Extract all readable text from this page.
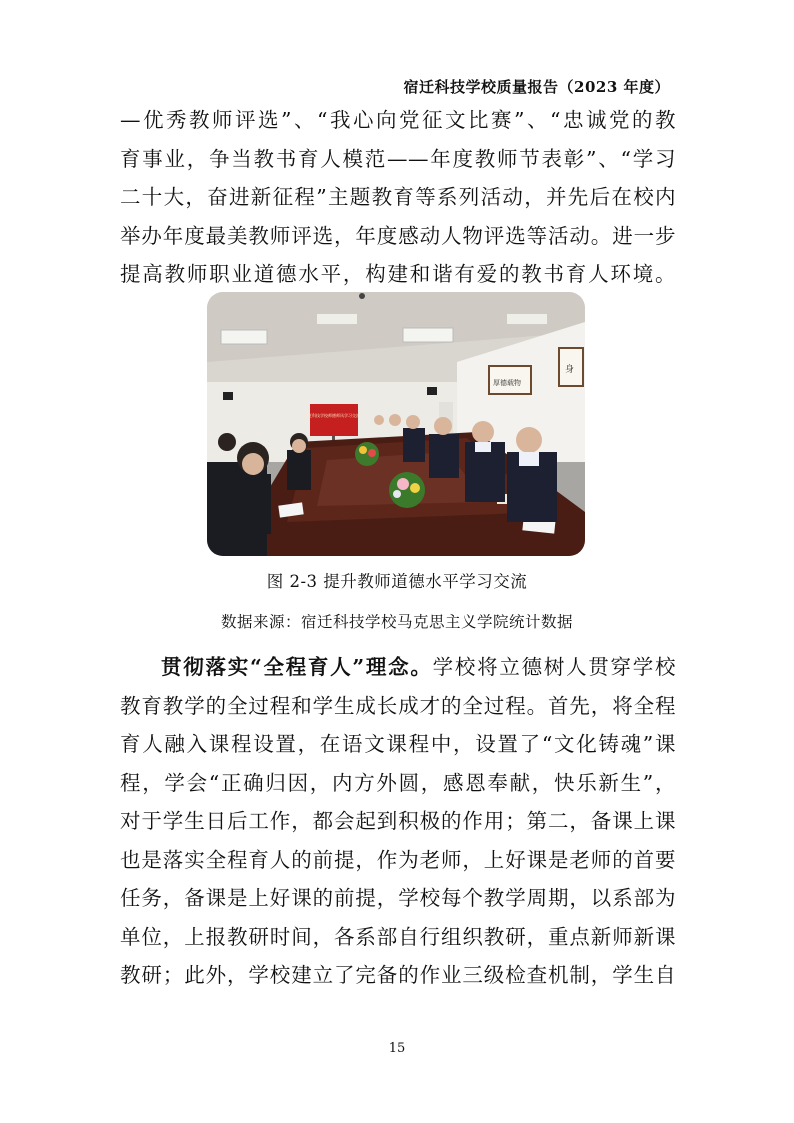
宿迁科技学校质量报告（2023 年度）
—优秀教师评选”、“我心向党征文比赛”、“忠诚党的教
育事业，争当教书育人模范——年度教师节表彰”、“学习
二十大，奋进新征程”主题教育等系列活动，并先后在校内
举办年度最美教师评选，年度感动人物评选等活动。进一步
提高教师职业道德水平，构建和谐有爱的教书育人环境。
厚德载物
身
宿迁科技学校师德师风学习交流会
图 2-3 提升教师道德水平学习交流
数据来源：宿迁科技学校马克思主义学院统计数据
贯彻落实“全程育人”理念。学校将立德树人贯穿学校
教育教学的全过程和学生成长成才的全过程。首先，将全程
育人融入课程设置，在语文课程中，设置了“文化铸魂”课
程，学会“正确归因，内方外圆，感恩奉献，快乐新生”，
对于学生日后工作，都会起到积极的作用；第二，备课上课
也是落实全程育人的前提，作为老师，上好课是老师的首要
任务，备课是上好课的前提，学校每个教学周期，以系部为
单位，上报教研时间，各系部自行组织教研，重点新师新课
教研；此外，学校建立了完备的作业三级检查机制，学生自
15
